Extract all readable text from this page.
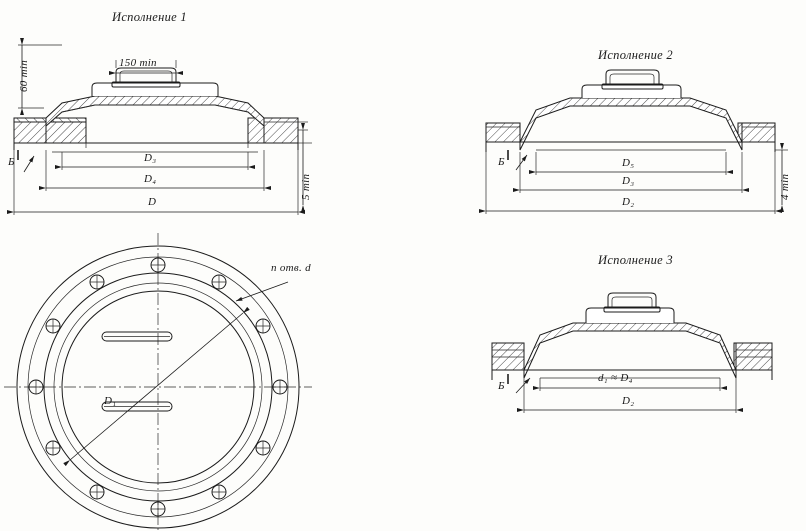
Исполнение 1
Исполнение 2
Исполнение 3
60 min	150 min
D₃
D₄
D
Б
5 min
n отв. d
D₁
D₅
D₃
D₂
Б
4 min
d₁ ≈ D₄
D₂
Б
